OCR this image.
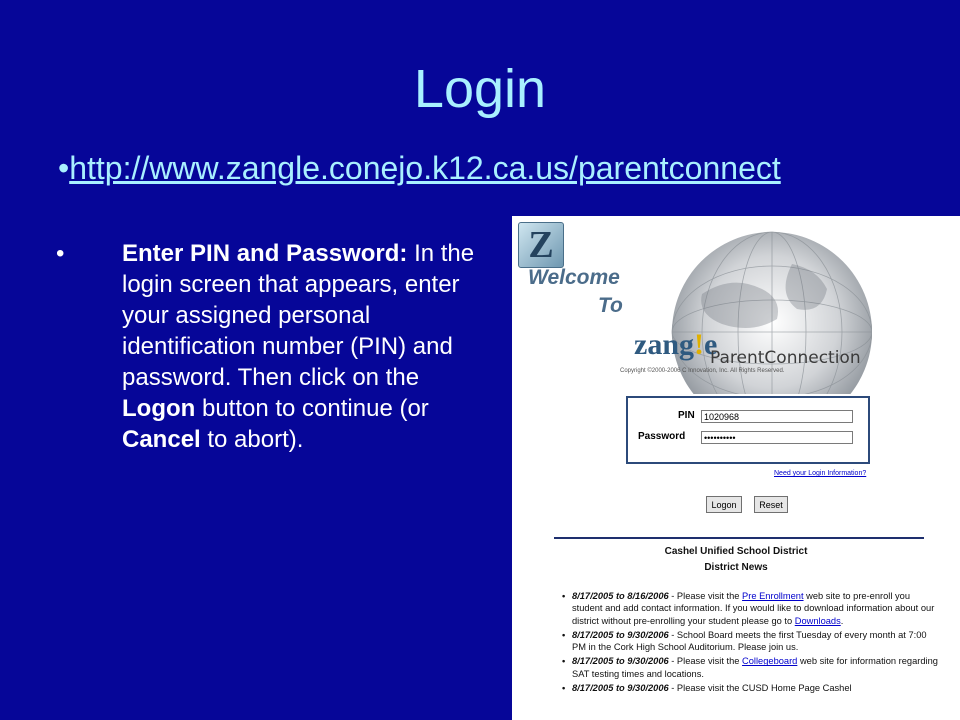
Login
•http://www.zangle.conejo.k12.ca.us/parentconnect
• Enter PIN and Password: In the login screen that appears, enter your assigned personal identification number (PIN) and password. Then click on the Logon button to continue (or Cancel to abort).
Z
Welcome
To
zang!e
ParentConnection
Copyright ©2000-2006 C Innovation, Inc. All Rights Reserved.
PIN	1020968
Password	••••••••••
Need your Login Information?
Logon	Reset
Cashel Unified School District
District News
• 8/17/2005 to 8/16/2006 - Please visit the Pre Enrollment web site to pre-enroll you student and add contact information. If you would like to download information about our district without pre-enrolling your student please go to Downloads.
• 8/17/2005 to 9/30/2006 - School Board meets the first Tuesday of every month at 7:00 PM in the Cork High School Auditorium. Please join us.
• 8/17/2005 to 9/30/2006 - Please visit the Collegeboard web site for information regarding SAT testing times and locations.
• 8/17/2005 to 9/30/2006 - Please visit the CUSD Home Page Cashel
